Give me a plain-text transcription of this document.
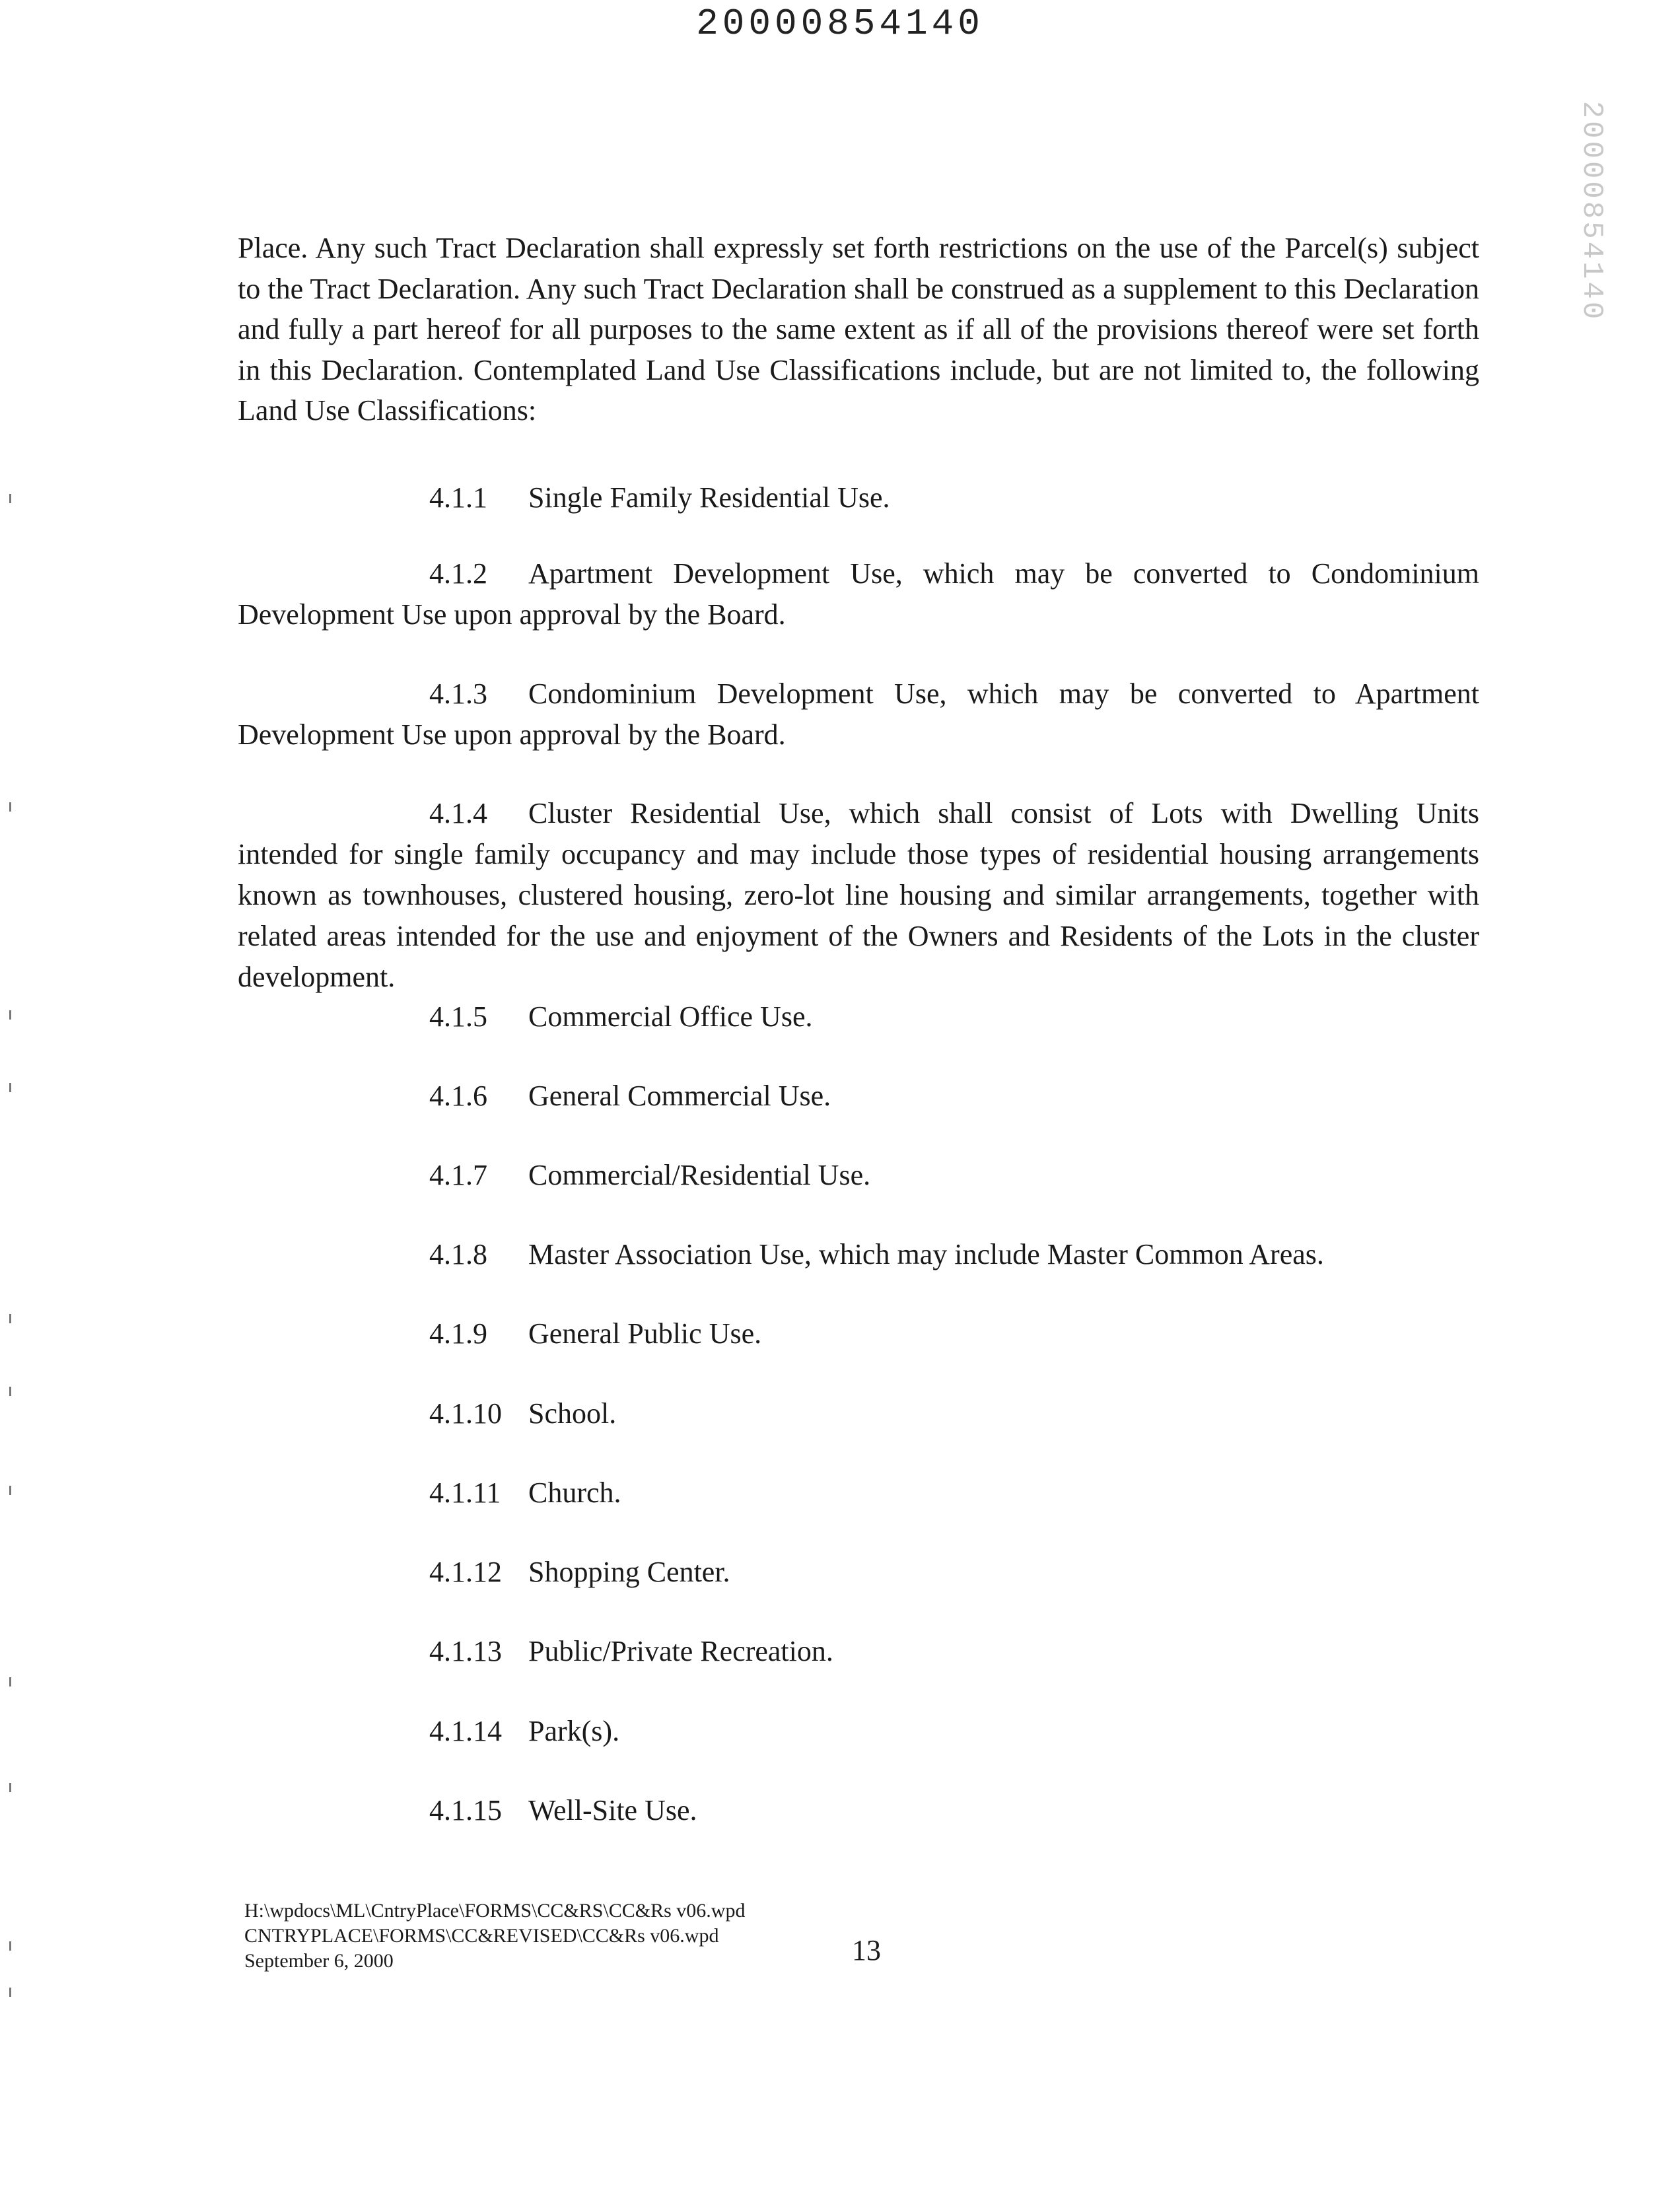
20000854140
20000854140

Place. Any such Tract Declaration shall expressly set forth restrictions on the use of the Parcel(s) subject to the Tract Declaration. Any such Tract Declaration shall be construed as a supplement to this Declaration and fully a part hereof for all purposes to the same extent as if all of the provisions thereof were set forth in this Declaration. Contemplated Land Use Classifications include, but are not limited to, the following Land Use Classifications:

4.1.1 Single Family Residential Use.

4.1.2 Apartment Development Use, which may be converted to Condominium Development Use upon approval by the Board.

4.1.3 Condominium Development Use, which may be converted to Apartment Development Use upon approval by the Board.

4.1.4 Cluster Residential Use, which shall consist of Lots with Dwelling Units intended for single family occupancy and may include those types of residential housing arrangements known as townhouses, clustered housing, zero-lot line housing and similar arrangements, together with related areas intended for the use and enjoyment of the Owners and Residents of the Lots in the cluster development.

4.1.5 Commercial Office Use.
4.1.6 General Commercial Use.
4.1.7 Commercial/Residential Use.
4.1.8 Master Association Use, which may include Master Common Areas.
4.1.9 General Public Use.
4.1.10 School.
4.1.11 Church.
4.1.12 Shopping Center.
4.1.13 Public/Private Recreation.
4.1.14 Park(s).
4.1.15 Well-Site Use.
H:\wpdocs\ML\CntryPlace\FORMS\CC&RS\CC&Rs v06.wpd
CNTRYPLACE\FORMS\CC&REVISED\CC&Rs v06.wpd
September 6, 2000	13
